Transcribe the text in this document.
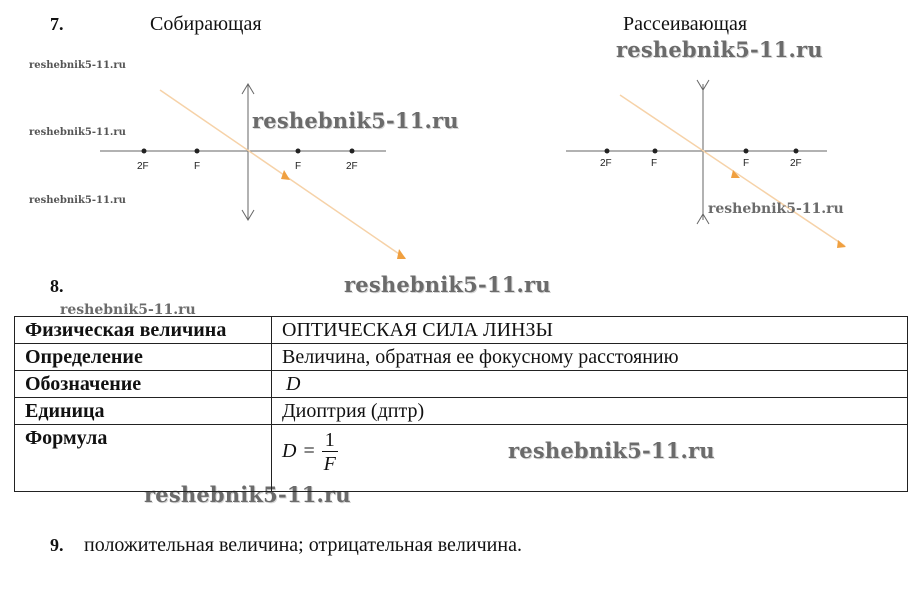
7.	Собирающая	Рассеивающая
2F	F	F	2F	2F	F	F	2F
reshebnik5-11.ru
reshebnik5-11.ru
reshebnik5-11.ru
reshebnik5-11.ru
reshebnik5-11.ru
reshebnik5-11.ru
reshebnik5-11.ru
reshebnik5-11.ru
reshebnik5-11.ru
reshebnik5-11.ru
8.
Физическая величина	ОПТИЧЕСКАЯ СИЛА ЛИНЗЫ
Определение	Величина, обратная ее фокусному расстоянию
Обозначение	D
Единица	Диоптрия (дптр)
Формула	$D = \frac{1}{F}$
9. положительная величина; отрицательная величина.
